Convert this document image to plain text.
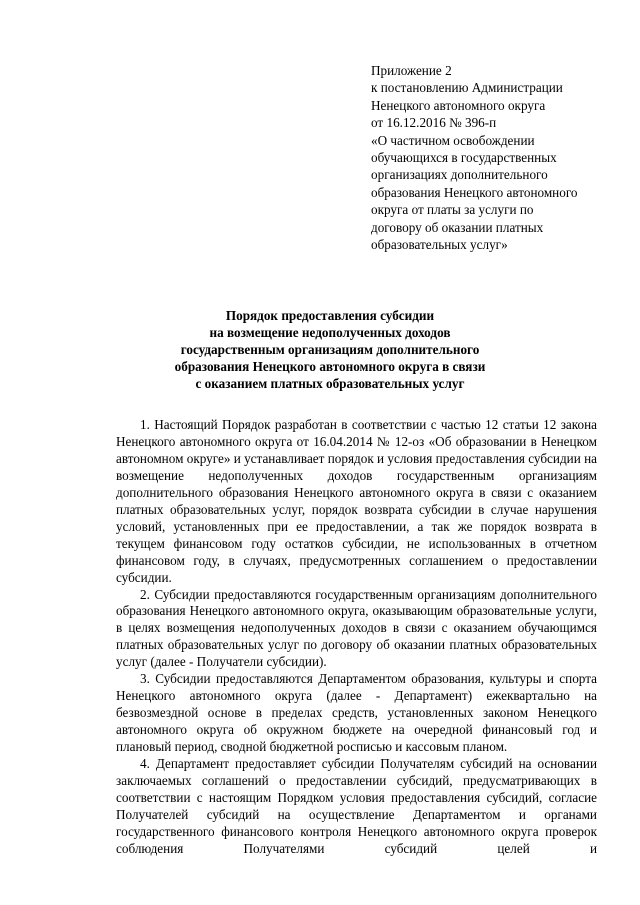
Приложение 2
к постановлению Администрации
Ненецкого автономного округа
от 16.12.2016 № 396-п
«О частичном освобождении
обучающихся в государственных
организациях дополнительного
образования Ненецкого автономного
округа от платы за услуги по
договору об оказании платных
образовательных услуг»
Порядок предоставления субсидии
на возмещение недополученных доходов
государственным организациям дополнительного
образования Ненецкого автономного округа в связи
с оказанием платных образовательных услуг

1. Настоящий Порядок разработан в соответствии с частью 12 статьи 12 закона Ненецкого автономного округа от 16.04.2014 № 12-оз «Об образовании в Ненецком автономном округе» и устанавливает порядок и условия предоставления субсидии на возмещение недополученных доходов государственным организациям дополнительного образования Ненецкого автономного округа в связи с оказанием платных образовательных услуг, порядок возврата субсидии в случае нарушения условий, установленных при ее предоставлении, а так же порядок возврата в текущем финансовом году остатков субсидии, не использованных в отчетном финансовом году, в случаях, предусмотренных соглашением о предоставлении субсидии.

2. Субсидии предоставляются государственным организациям дополнительного образования Ненецкого автономного округа, оказывающим образовательные услуги, в целях возмещения недополученных доходов в связи с оказанием обучающимся платных образовательных услуг по договору об оказании платных образовательных услуг (далее - Получатели субсидии).

3. Субсидии предоставляются Департаментом образования, культуры и спорта Ненецкого автономного округа (далее - Департамент) ежеквартально на безвозмездной основе в пределах средств, установленных законом Ненецкого автономного округа об окружном бюджете на очередной финансовый год и плановый период, сводной бюджетной росписью и кассовым планом.

4. Департамент предоставляет субсидии Получателям субсидий на основании заключаемых соглашений о предоставлении субсидий, предусматривающих в соответствии с настоящим Порядком условия предоставления субсидий, согласие Получателей субсидий на осуществление Департаментом и органами государственного финансового контроля Ненецкого автономного округа проверок соблюдения Получателями субсидий целей и
